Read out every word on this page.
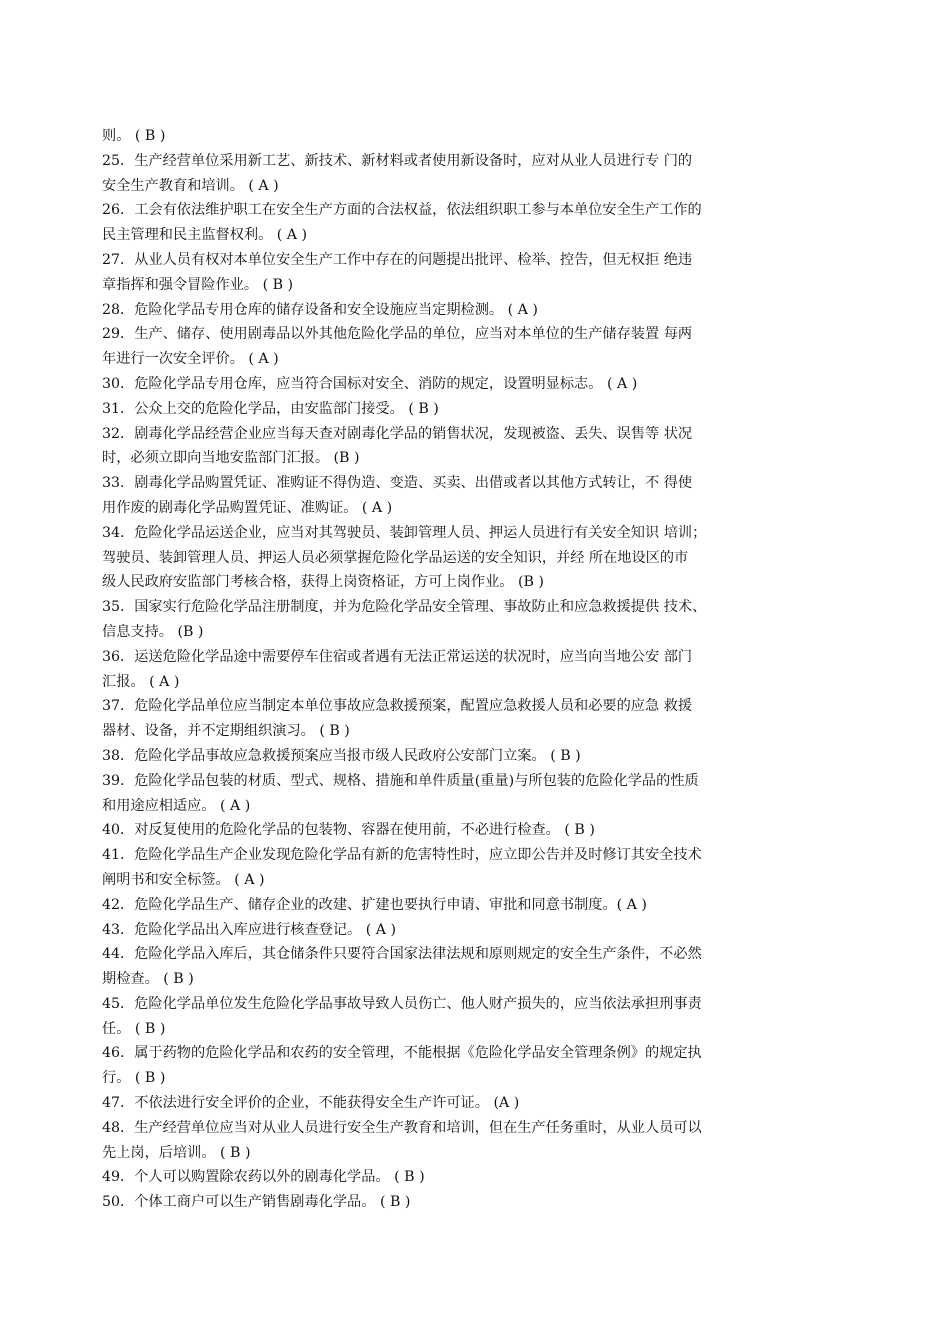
则。 ( B )
25．生产经营单位采用新工艺、新技术、新材料或者使用新设备时，应对从业人员进行专 门的
安全生产教育和培训。 ( A )
26．工会有依法维护职工在安全生产方面的合法权益，依法组织职工参与本单位安全生产工作的
民主管理和民主监督权利。 ( A )
27．从业人员有权对本单位安全生产工作中存在的问题提出批评、检举、控告，但无权拒 绝违
章指挥和强令冒险作业。 ( B )
28．危险化学品专用仓库的储存设备和安全设施应当定期检测。 ( A )
29．生产、储存、使用剧毒品以外其他危险化学品的单位，应当对本单位的生产储存装置 每两
年进行一次安全评价。 ( A )
30．危险化学品专用仓库，应当符合国标对安全、消防的规定，设置明显标志。 ( A )
31．公众上交的危险化学品，由安监部门接受。 ( B )
32．剧毒化学品经营企业应当每天查对剧毒化学品的销售状况，发现被盗、丢失、误售等 状况
时，必须立即向当地安监部门汇报。 (B )
33．剧毒化学品购置凭证、准购证不得伪造、变造、买卖、出借或者以其他方式转让，不 得使
用作废的剧毒化学品购置凭证、准购证。 ( A )
34．危险化学品运送企业，应当对其驾驶员、装卸管理人员、押运人员进行有关安全知识 培训；
驾驶员、装卸管理人员、押运人员必须掌握危险化学品运送的安全知识，并经 所在地设区的市
级人民政府安监部门考核合格，获得上岗资格证，方可上岗作业。 (B )
35．国家实行危险化学品注册制度，并为危险化学品安全管理、事故防止和应急救援提供 技术、
信息支持。 (B )
36．运送危险化学品途中需要停车住宿或者遇有无法正常运送的状况时，应当向当地公安 部门
汇报。 ( A )
37．危险化学品单位应当制定本单位事故应急救援预案，配置应急救援人员和必要的应急 救援
器材、设备，并不定期组织演习。 ( B )
38．危险化学品事故应急救援预案应当报市级人民政府公安部门立案。 ( B )
39．危险化学品包装的材质、型式、规格、措施和单件质量(重量)与所包装的危险化学品的性质
和用途应相适应。 ( A )
40．对反复使用的危险化学品的包装物、容器在使用前，不必进行检查。 ( B )
41．危险化学品生产企业发现危险化学品有新的危害特性时，应立即公告并及时修订其安全技术
阐明书和安全标签。 ( A )
42．危险化学品生产、储存企业的改建、扩建也要执行申请、审批和同意书制度。( A )
43．危险化学品出入库应进行核查登记。 ( A )
44．危险化学品入库后，其仓储条件只要符合国家法律法规和原则规定的安全生产条件，不必然
期检查。 ( B )
45．危险化学品单位发生危险化学品事故导致人员伤亡、他人财产损失的，应当依法承担刑事责
任。 ( B )
46．属于药物的危险化学品和农药的安全管理，不能根据《危险化学品安全管理条例》的规定执
行。 ( B )
47．不依法进行安全评价的企业，不能获得安全生产许可证。 (A )
48．生产经营单位应当对从业人员进行安全生产教育和培训，但在生产任务重时，从业人员可以
先上岗，后培训。 ( B )
49．个人可以购置除农药以外的剧毒化学品。 ( B )
50．个体工商户可以生产销售剧毒化学品。 ( B )
